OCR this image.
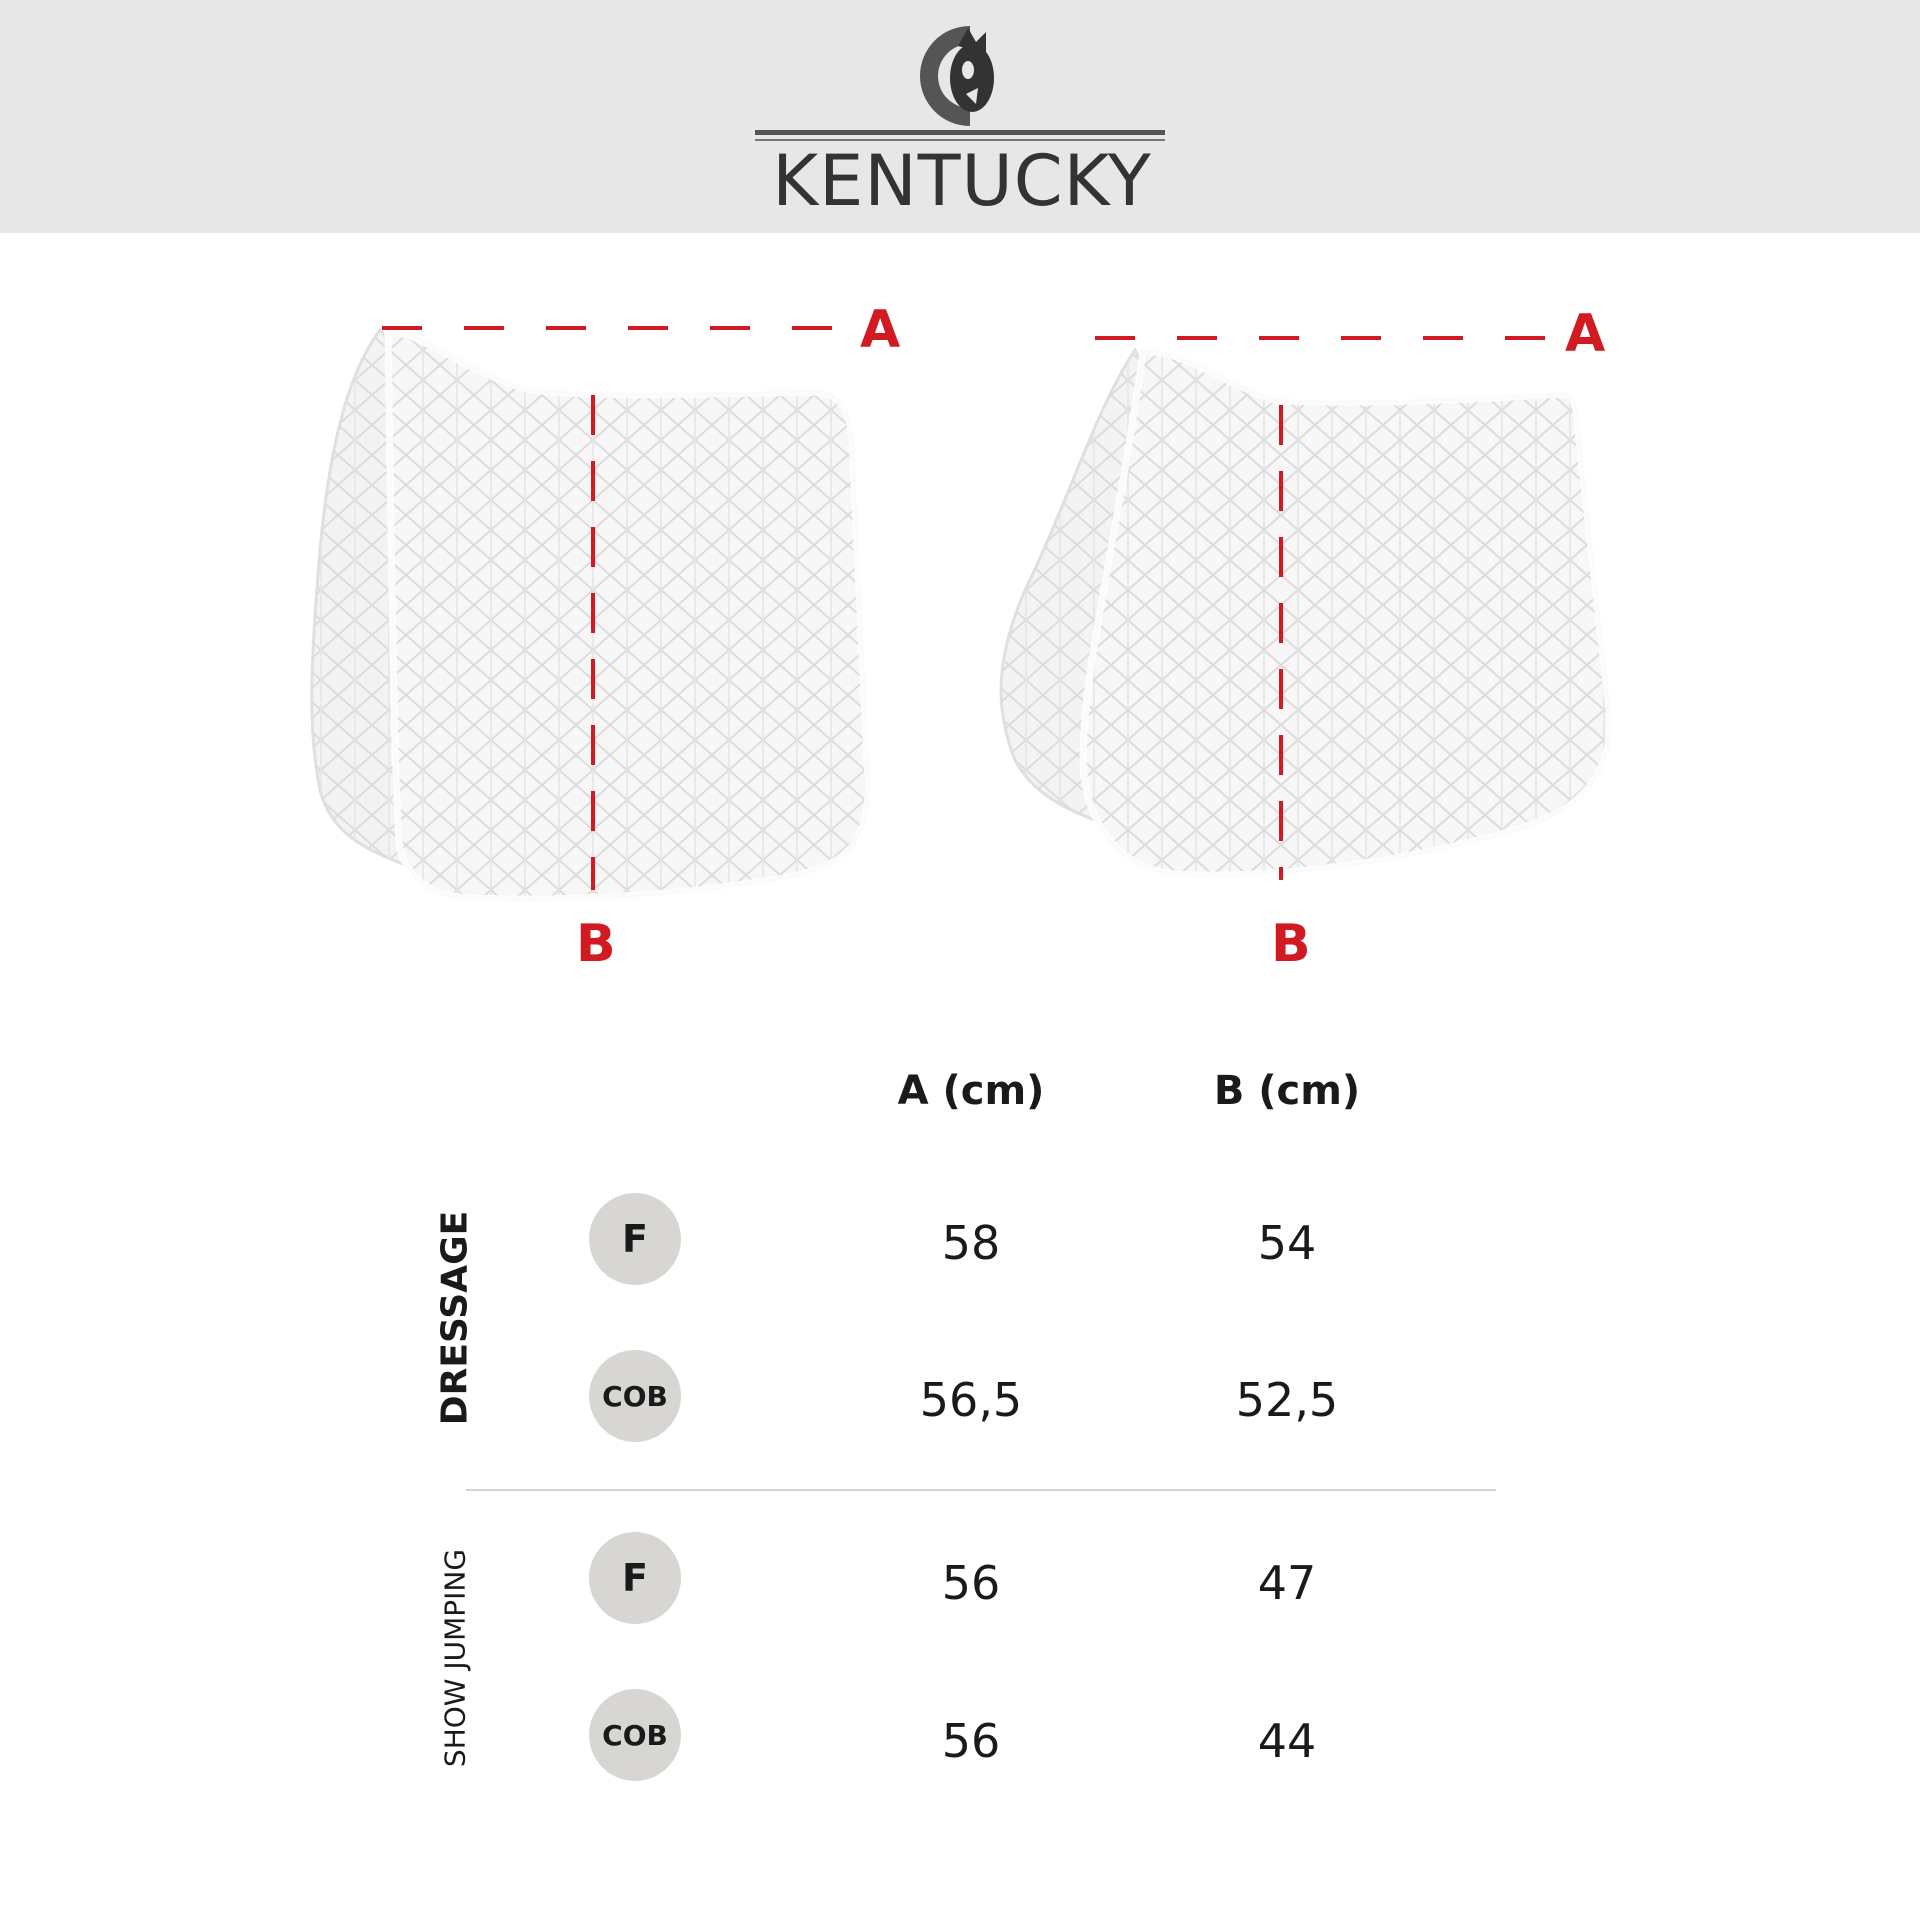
KENTUCKY
A
B
A
B
A (cm)	B (cm)
DRESSAGE	F	58	54
COB	56,5	52,5
SHOW JUMPING	F	56	47
COB	56	44
